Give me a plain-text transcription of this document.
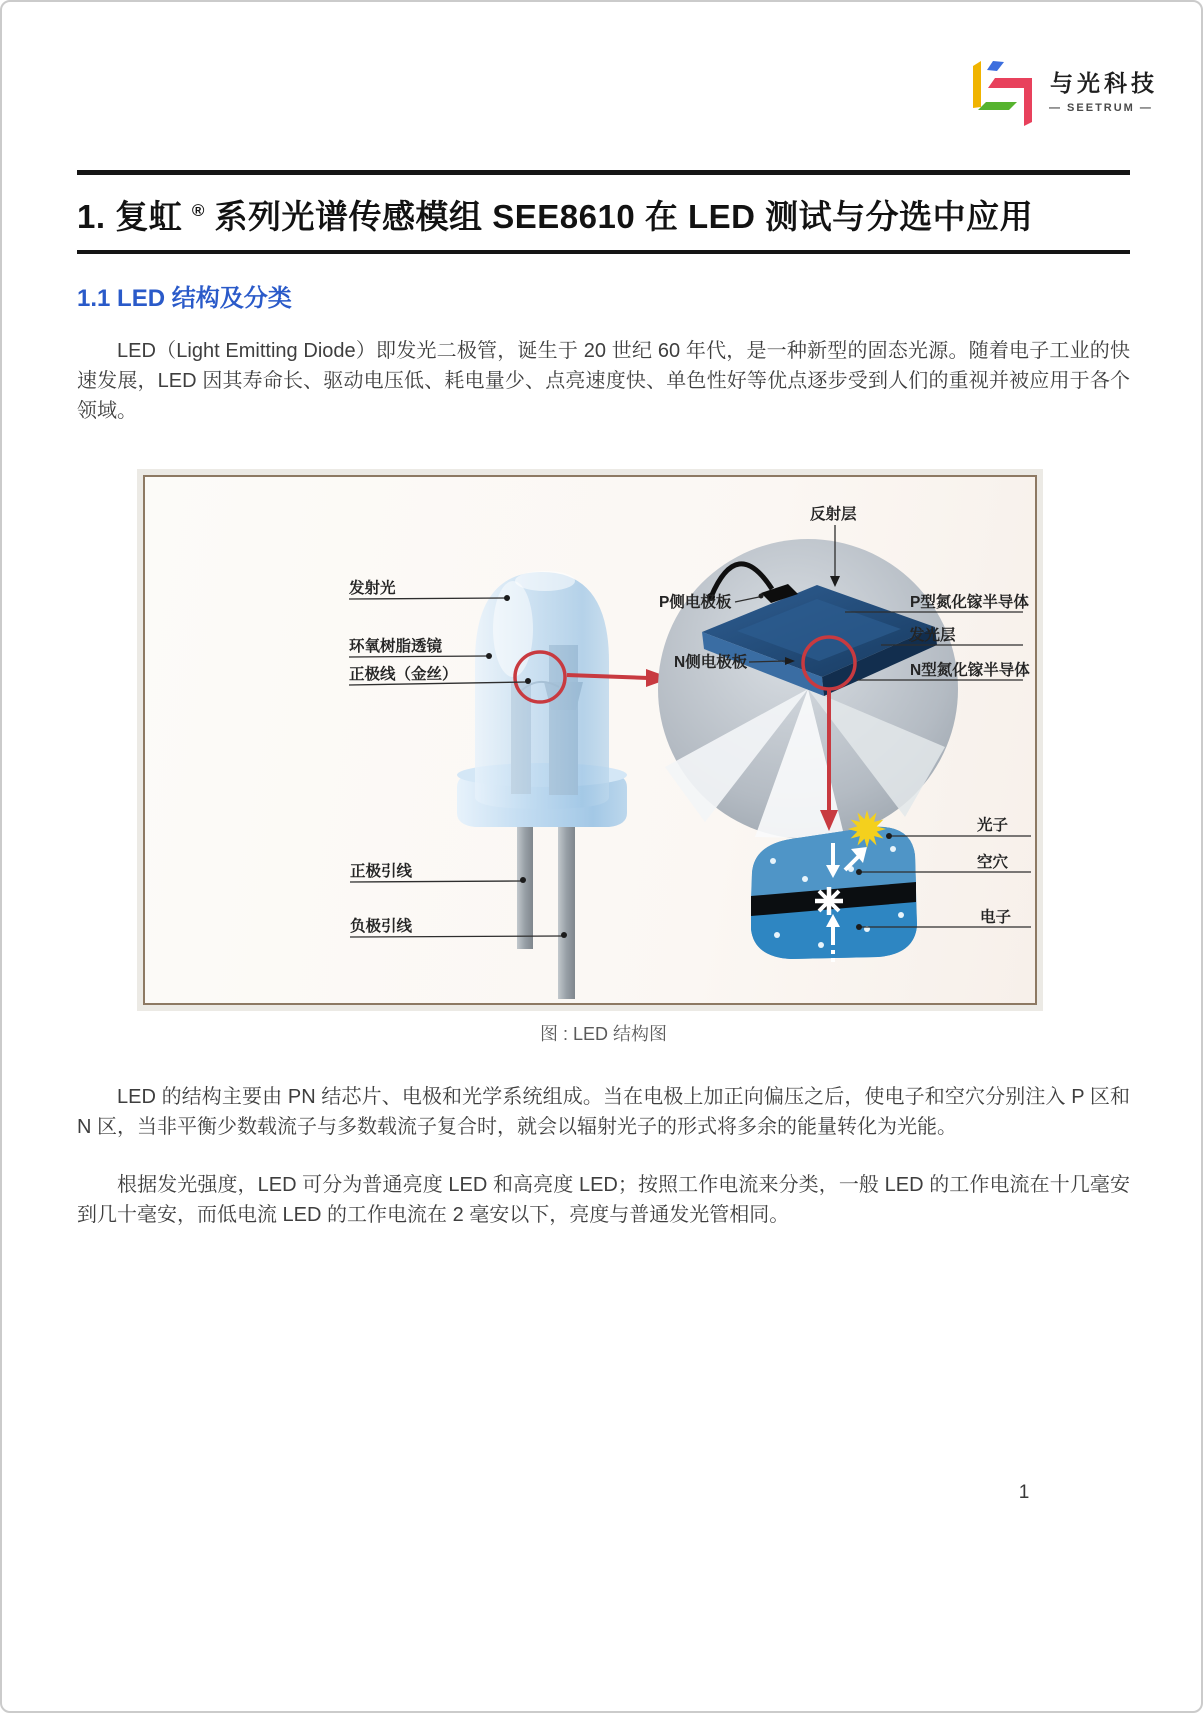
与光科技
— SEETRUM —
1. 复虹 ® 系列光谱传感模组 SEE8610 在 LED 测试与分选中应用
1.1 LED 结构及分类

LED（Light Emitting Diode）即发光二极管，诞生于 20 世纪 60 年代，是一种新型的固态光源。随着电子工业的快速发展，LED 因其寿命长、驱动电压低、耗电量少、点亮速度快、单色性好等优点逐步受到人们的重视并被应用于各个领域。

发射光
环氧树脂透镜
正极线（金丝）
正极引线
负极引线
反射层
P侧电极板
N侧电极板
P型氮化镓半导体
发光层
N型氮化镓半导体
光子
空穴
电子
图 : LED 结构图

LED 的结构主要由 PN 结芯片、电极和光学系统组成。当在电极上加正向偏压之后，使电子和空穴分别注入 P 区和 N 区，当非平衡少数载流子与多数载流子复合时，就会以辐射光子的形式将多余的能量转化为光能。

根据发光强度，LED 可分为普通亮度 LED 和高亮度 LED；按照工作电流来分类，一般 LED 的工作电流在十几毫安到几十毫安，而低电流 LED 的工作电流在 2 毫安以下，亮度与普通发光管相同。

1
